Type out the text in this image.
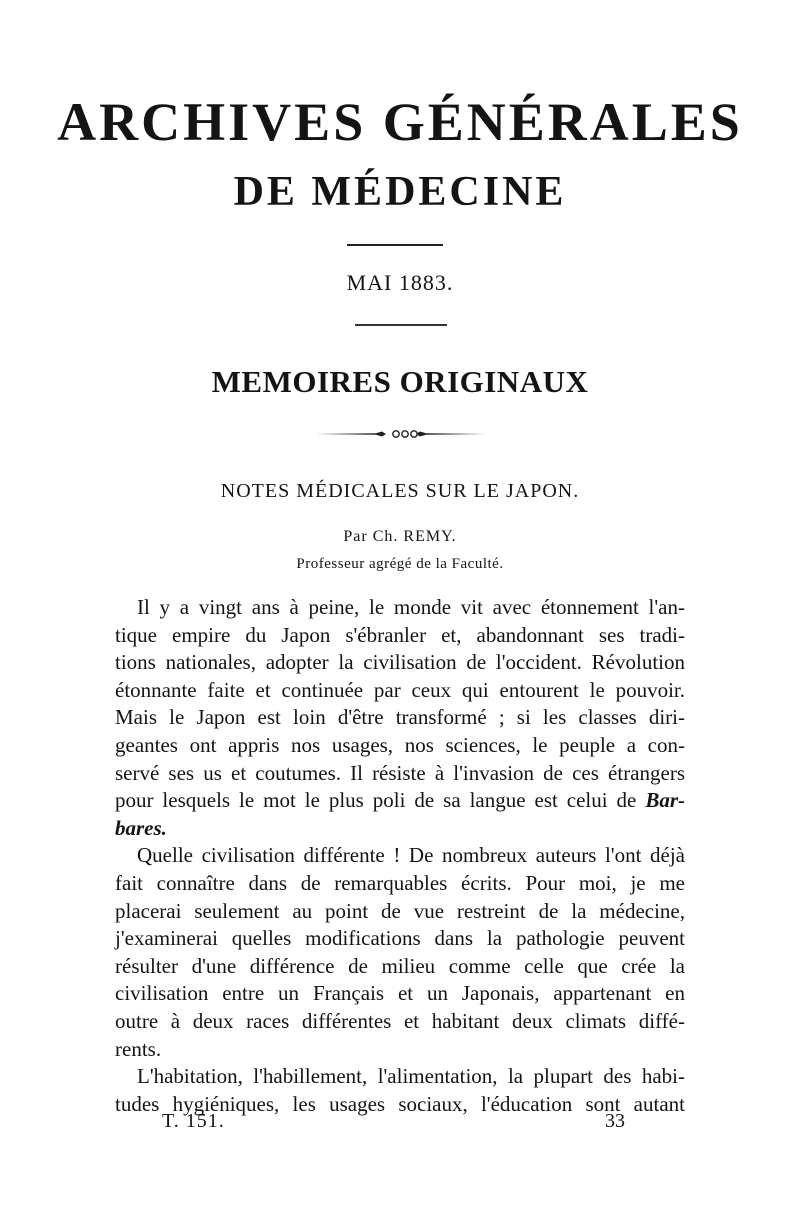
ARCHIVES GÉNÉRALES
DE MÉDECINE
MAI 1883.
MEMOIRES ORIGINAUX
NOTES MÉDICALES SUR LE JAPON.
Par Ch. REMY.
Professeur agrégé de la Faculté.
Il y a vingt ans à peine, le monde vit avec étonnement l'an-
tique empire du Japon s'ébranler et, abandonnant ses tradi-
tions nationales, adopter la civilisation de l'occident. Révolution
étonnante faite et continuée par ceux qui entourent le pouvoir.
Mais le Japon est loin d'être transformé ; si les classes diri-
geantes ont appris nos usages, nos sciences, le peuple a con-
servé ses us et coutumes. Il résiste à l'invasion de ces étrangers
pour lesquels le mot le plus poli de sa langue est celui de Bar-
bares.
Quelle civilisation différente ! De nombreux auteurs l'ont déjà
fait connaître dans de remarquables écrits. Pour moi, je me
placerai seulement au point de vue restreint de la médecine,
j'examinerai quelles modifications dans la pathologie peuvent
résulter d'une différence de milieu comme celle que crée la
civilisation entre un Français et un Japonais, appartenant en
outre à deux races différentes et habitant deux climats diffé-
rents.
L'habitation, l'habillement, l'alimentation, la plupart des habi-
tudes hygiéniques, les usages sociaux, l'éducation sont autant
T. 151.	33
